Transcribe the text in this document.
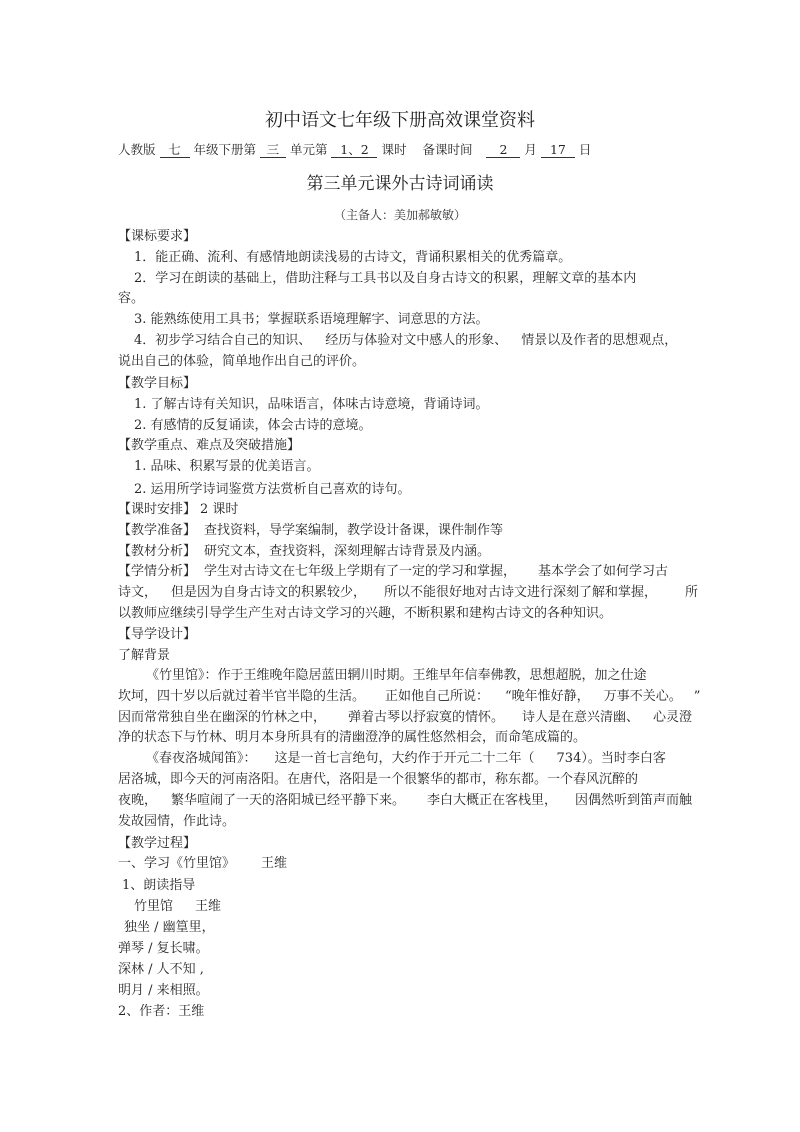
初中语文七年级下册高效课堂资料
人教版 七 年级下册第 三 单元第 1、2 课时 备课时间 2 月 17 日
第三单元课外古诗词诵读
（主备人：美加郝敏敏）
【课标要求】
1．能正确、流利、有感情地朗读浅易的古诗文，背诵积累相关的优秀篇章。
2．学习在朗读的基础上，借助注释与工具书以及自身古诗文的积累，理解文章的基本内
容。
3. 能熟练使用工具书；掌握联系语境理解字、词意思的方法。
4．初步学习结合自己的知识、 经历与体验对文中感人的形象、 情景以及作者的思想观点，
说出自己的体验，简单地作出自己的评价。
【教学目标】
1. 了解古诗有关知识，品味语言，体味古诗意境，背诵诗词。
2. 有感情的反复诵读，体会古诗的意境。
【教学重点、难点及突破措施】
1. 品味、积累写景的优美语言。
2. 运用所学诗词鉴赏方法赏析自己喜欢的诗句。
【课时安排】 2 课时
【教学准备】 查找资料，导学案编制，教学设计备课，课件制作等
【教材分析】 研究文本，查找资料，深刻理解古诗背景及内涵。
【学情分析】 学生对古诗文在七年级上学期有了一定的学习和掌握， 基本学会了如何学习古
诗文， 但是因为自身古诗文的积累较少， 所以不能很好地对古诗文进行深刻了解和掌握， 所
以教师应继续引导学生产生对古诗文学习的兴趣，不断积累和建构古诗文的各种知识。
【导学设计】
了解背景
《竹里馆》：作于王维晚年隐居蓝田辋川时期。王维早年信奉佛教，思想超脱，加之仕途
坎坷，四十岁以后就过着半官半隐的生活。 正如他自己所说： “晚年惟好静， 万事不关心。 ”
因而常常独自坐在幽深的竹林之中， 弹着古琴以抒寂寞的情怀。 诗人是在意兴清幽、 心灵澄
净的状态下与竹林、明月本身所具有的清幽澄净的属性悠然相会，而命笔成篇的。
《春夜洛城闻笛》： 这是一首七言绝句，大约作于开元二十二年（ 734）。当时李白客
居洛城，即今天的河南洛阳。在唐代，洛阳是一个很繁华的都市，称东都。一个春风沉醉的
夜晚， 繁华喧闹了一天的洛阳城已经平静下来。 李白大概正在客栈里， 因偶然听到笛声而触
发故园情，作此诗。
【教学过程】
一、学习《竹里馆》 王维
1、朗读指导
竹里馆 王维
独坐 / 幽篁里，
弹琴 / 复长啸。
深林 / 人不知 ,
明月 / 来相照。
2、作者：王维
